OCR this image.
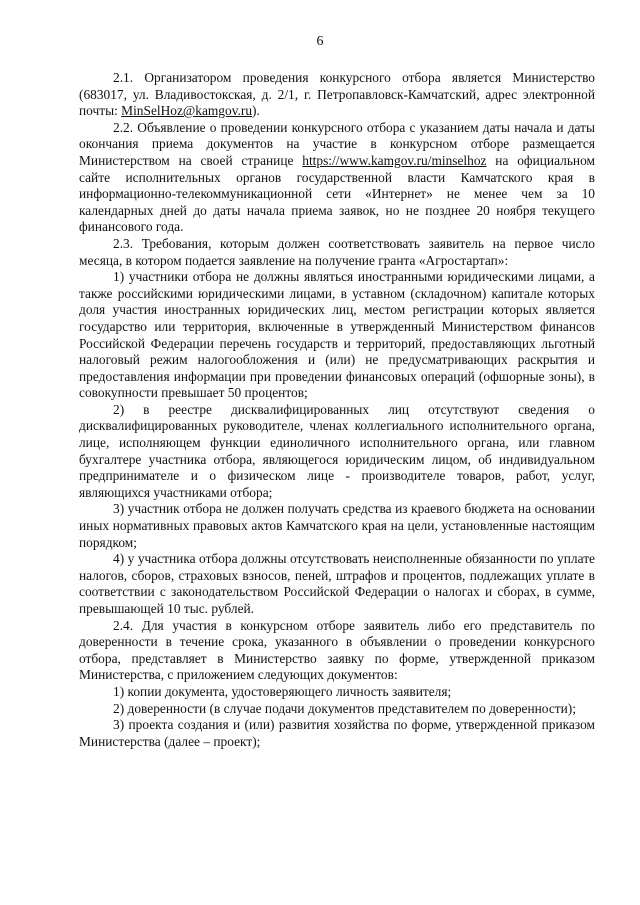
6

2.1. Организатором проведения конкурсного отбора является Министерство (683017, ул. Владивостокская, д. 2/1, г. Петропавловск-Камчатский, адрес электронной почты: MinSelHoz@kamgov.ru).

2.2. Объявление о проведении конкурсного отбора с указанием даты начала и даты окончания приема документов на участие в конкурсном отборе размещается Министерством на своей странице https://www.kamgov.ru/minselhoz на официальном сайте исполнительных органов государственной власти Камчатского края в информационно-телекоммуникационной сети «Интернет» не менее чем за 10 календарных дней до даты начала приема заявок, но не позднее 20 ноября текущего финансового года.

2.3. Требования, которым должен соответствовать заявитель на первое число месяца, в котором подается заявление на получение гранта «Агростартап»:

1) участники отбора не должны являться иностранными юридическими лицами, а также российскими юридическими лицами, в уставном (складочном) капитале которых доля участия иностранных юридических лиц, местом регистрации которых является государство или территория, включенные в утвержденный Министерством финансов Российской Федерации перечень государств и территорий, предоставляющих льготный налоговый режим налогообложения и (или) не предусматривающих раскрытия и предоставления информации при проведении финансовых операций (офшорные зоны), в совокупности превышает 50 процентов;

2) в реестре дисквалифицированных лиц отсутствуют сведения о дисквалифицированных руководителе, членах коллегиального исполнительного органа, лице, исполняющем функции единоличного исполнительного органа, или главном бухгалтере участника отбора, являющегося юридическим лицом, об индивидуальном предпринимателе и о физическом лице - производителе товаров, работ, услуг, являющихся участниками отбора;

3) участник отбора не должен получать средства из краевого бюджета на основании иных нормативных правовых актов Камчатского края на цели, установленные настоящим порядком;

4) у участника отбора должны отсутствовать неисполненные обязанности по уплате налогов, сборов, страховых взносов, пеней, штрафов и процентов, подлежащих уплате в соответствии с законодательством Российской Федерации о налогах и сборах, в сумме, превышающей 10 тыс. рублей.

2.4. Для участия в конкурсном отборе заявитель либо его представитель по доверенности в течение срока, указанного в объявлении о проведении конкурсного отбора, представляет в Министерство заявку по форме, утвержденной приказом Министерства, с приложением следующих документов:

1) копии документа, удостоверяющего личность заявителя;

2) доверенности (в случае подачи документов представителем по доверенности);

3) проекта создания и (или) развития хозяйства по форме, утвержденной приказом Министерства (далее – проект);
